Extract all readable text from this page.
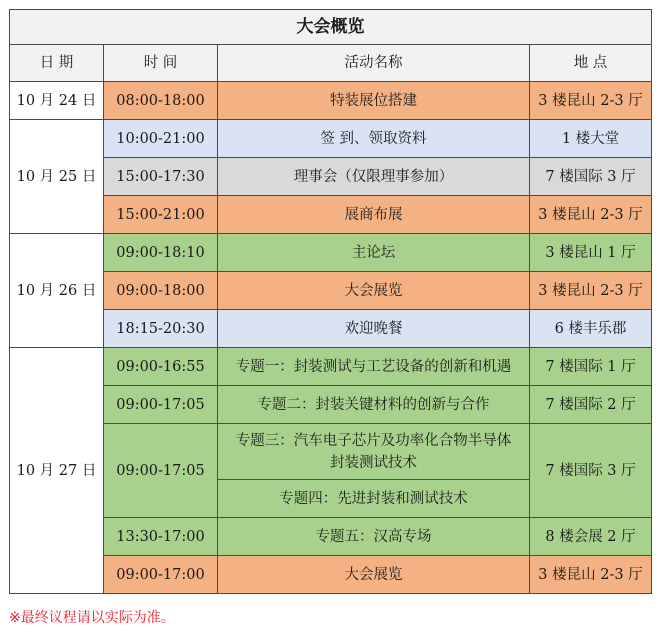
大会概览			
日 期	时 间	活动名称	地 点
10 月 24 日	08:00-18:00	特装展位搭建	3 楼昆山 2-3 厅
10 月 25 日	10:00-21:00	签 到、领取资料	1 楼大堂
	15:00-17:30	理事会（仅限理事参加）	7 楼国际 3 厅
	15:00-21:00	展商布展	3 楼昆山 2-3 厅
10 月 26 日	09:00-18:10	主论坛	3 楼昆山 1 厅
	09:00-18:00	大会展览	3 楼昆山 2-3 厅
	18:15-20:30	欢迎晚餐	6 楼丰乐郡
10 月 27 日	09:00-16:55	专题一：封装测试与工艺设备的创新和机遇	7 楼国际 1 厅
	09:00-17:05	专题二：封装关键材料的创新与合作	7 楼国际 2 厅
	09:00-17:05	专题三：汽车电子芯片及功率化合物半导体封装测试技术	7 楼国际 3 厅
		专题四：先进封装和测试技术	
	13:30-17:00	专题五：汉高专场	8 楼会展 2 厅
	09:00-17:00	大会展览	3 楼昆山 2-3 厅
※最终议程请以实际为准。
